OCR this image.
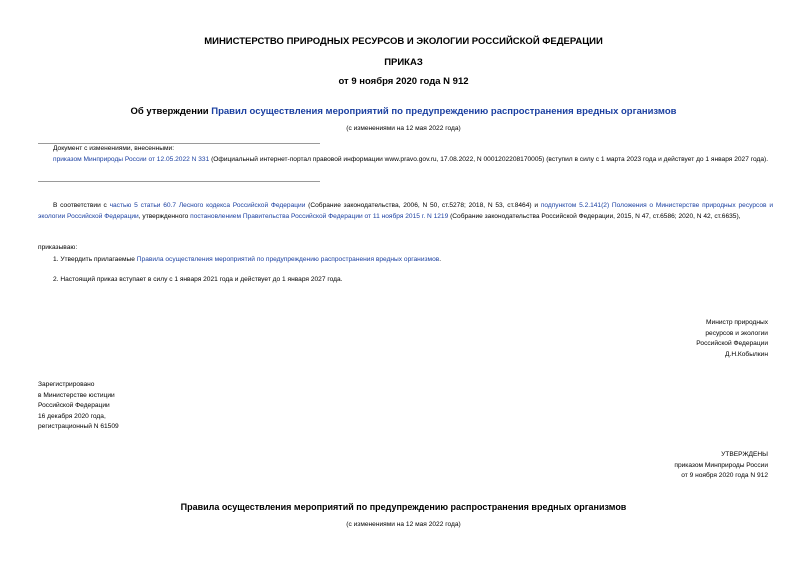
МИНИСТЕРСТВО ПРИРОДНЫХ РЕСУРСОВ И ЭКОЛОГИИ РОССИЙСКОЙ ФЕДЕРАЦИИ
ПРИКАЗ
от 9 ноября 2020 года N 912
Об утверждении Правил осуществления мероприятий по предупреждению распространения вредных организмов
(с изменениями на 12 мая 2022 года)

Документ с изменениями, внесенными:

приказом Минприроды России от 12.05.2022 N 331 (Официальный интернет-портал правовой информации www.pravo.gov.ru, 17.08.2022, N 0001202208170005) (вступил в силу с 1 марта 2023 года и действует до 1 января 2027 года).

В соответствии с частью 5 статьи 60.7 Лесного кодекса Российской Федерации (Собрание законодательства, 2006, N 50, ст.5278; 2018, N 53, ст.8464) и подпунктом 5.2.141(2) Положения о Министерстве природных ресурсов и экологии Российской Федерации, утвержденного постановлением Правительства Российской Федерации от 11 ноября 2015 г. N 1219 (Собрание законодательства Российской Федерации, 2015, N 47, ст.6586; 2020, N 42, ст.6635),
приказываю:
1. Утвердить прилагаемые Правила осуществления мероприятий по предупреждению распространения вредных организмов.
2. Настоящий приказ вступает в силу с 1 января 2021 года и действует до 1 января 2027 года.

Министр природных

ресурсов и экологии

Российской Федерации

Д.Н.Кобылкин

Зарегистрировано

в Министерстве юстиции

Российской Федерации

16 декабря 2020 года,

регистрационный N 61509

УТВЕРЖДЕНЫ

приказом Минприроды России

от 9 ноября 2020 года N 912

Правила осуществления мероприятий по предупреждению распространения вредных организмов
(с изменениями на 12 мая 2022 года)
